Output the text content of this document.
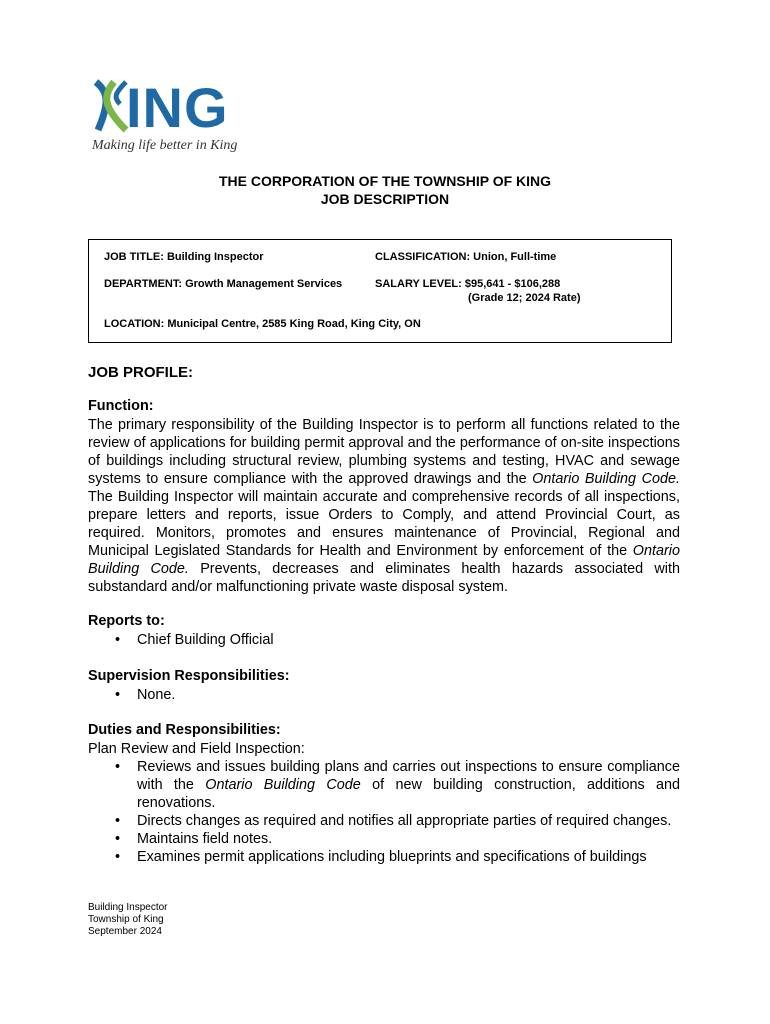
ING
Making life better in King
THE CORPORATION OF THE TOWNSHIP OF KING
JOB DESCRIPTION
JOB TITLE: Building Inspector	CLASSIFICATION: Union, Full-time
DEPARTMENT: Growth Management Services	SALARY LEVEL: $95,641 - $106,288
(Grade 12; 2024 Rate)
LOCATION: Municipal Centre, 2585 King Road, King City, ON
JOB PROFILE:
Function:
The primary responsibility of the Building Inspector is to perform all functions related to the review of applications for building permit approval and the performance of on-site inspections of buildings including structural review, plumbing systems and testing, HVAC and sewage systems to ensure compliance with the approved drawings and the Ontario Building Code. The Building Inspector will maintain accurate and comprehensive records of all inspections, prepare letters and reports, issue Orders to Comply, and attend Provincial Court, as required. Monitors, promotes and ensures maintenance of Provincial, Regional and Municipal Legislated Standards for Health and Environment by enforcement of the Ontario Building Code. Prevents, decreases and eliminates health hazards associated with substandard and/or malfunctioning private waste disposal system.
Reports to:
• Chief Building Official
Supervision Responsibilities:
• None.
Duties and Responsibilities:
Plan Review and Field Inspection:
• Reviews and issues building plans and carries out inspections to ensure compliance with the Ontario Building Code of new building construction, additions and renovations.
• Directs changes as required and notifies all appropriate parties of required changes.
• Maintains field notes.
• Examines permit applications including blueprints and specifications of buildings
Building Inspector
Township of King
September 2024
